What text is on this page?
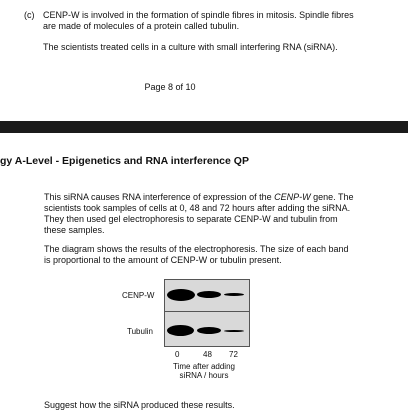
(c) CENP-W is involved in the formation of spindle fibres in mitosis. Spindle fibres are made of molecules of a protein called tubulin.
The scientists treated cells in a culture with small interfering RNA (siRNA).
Page 8 of 10
gy A-Level - Epigenetics and RNA interference QP
This siRNA causes RNA interference of expression of the CENP-W gene. The scientists took samples of cells at 0, 48 and 72 hours after adding the siRNA. They then used gel electrophoresis to separate CENP-W and tubulin from these samples.
The diagram shows the results of the electrophoresis. The size of each band is proportional to the amount of CENP-W or tubulin present.
CENP-W
Tubulin
0	48 72
Time after adding
siRNA / hours
Suggest how the siRNA produced these results.
